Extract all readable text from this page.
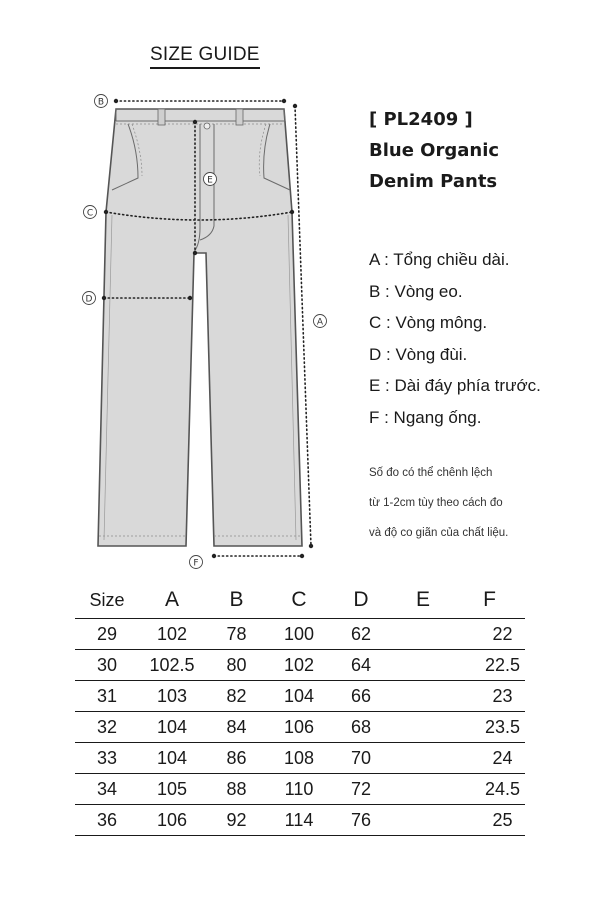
SIZE GUIDE
B
C
D
E
A
F
[ PL2409 ]
Blue Organic
Denim Pants
A : Tổng chiều dài.
B : Vòng eo.
C : Vòng mông.
D : Vòng đùi.
E : Dài đáy phía trước.
F : Ngang ống.
Số đo có thể chênh lệch
từ 1-2cm tùy theo cách đo
và độ co giãn của chất liệu.
Size	A	B	C	D	E	F
29	102	78	100	62		22
30	102.5	80	102	64		22.5
31	103	82	104	66		23
32	104	84	106	68		23.5
33	104	86	108	70		24
34	105	88	110	72		24.5
36	106	92	114	76		25
